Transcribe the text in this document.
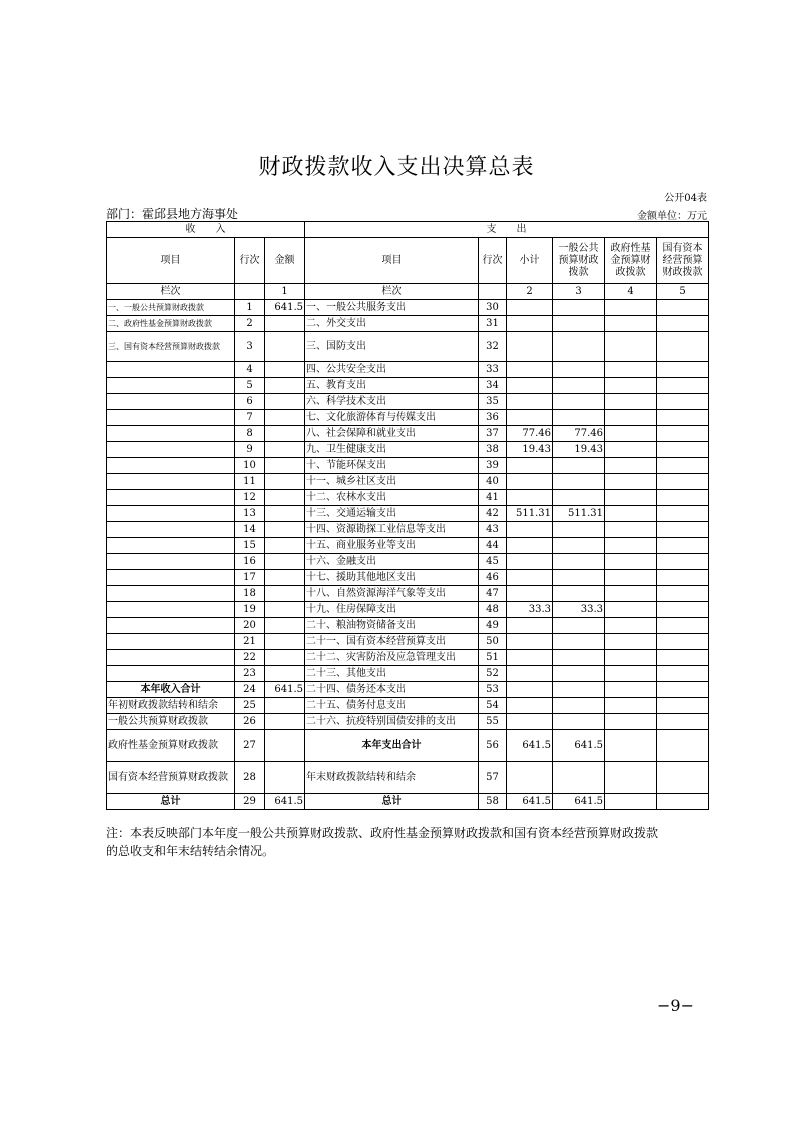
财政拨款收入支出决算总表
公开04表
部门：霍邱县地方海事处	金额单位：万元
收　　入			支　　出					
项目	行次	金额	项目	行次	小计	一般公共预算财政拨款	政府性基金预算财政拨款	国有资本经营预算财政拨款
栏次		1	栏次		2	3	4	5
一、一般公共预算财政拨款	1	641.5	一、一般公共服务支出	30				
二、政府性基金预算财政拨款	2		二、外交支出	31				
三、国有资本经营预算财政拨款	3		三、国防支出	32				
	4		四、公共安全支出	33				
	5		五、教育支出	34				
	6		六、科学技术支出	35				
	7		七、文化旅游体育与传媒支出	36				
	8		八、社会保障和就业支出	37	77.46	77.46		
	9		九、卫生健康支出	38	19.43	19.43		
	10		十、节能环保支出	39				
	11		十一、城乡社区支出	40				
	12		十二、农林水支出	41				
	13		十三、交通运输支出	42	511.31	511.31		
	14		十四、资源勘探工业信息等支出	43				
	15		十五、商业服务业等支出	44				
	16		十六、金融支出	45				
	17		十七、援助其他地区支出	46				
	18		十八、自然资源海洋气象等支出	47				
	19		十九、住房保障支出	48	33.3	33.3		
	20		二十、粮油物资储备支出	49				
	21		二十一、国有资本经营预算支出	50				
	22		二十二、灾害防治及应急管理支出	51				
	23		二十三、其他支出	52				
本年收入合计	24	641.5	二十四、债务还本支出	53				
年初财政拨款结转和结余	25		二十五、债务付息支出	54				
一般公共预算财政拨款	26		二十六、抗疫特别国债安排的支出	55				
政府性基金预算财政拨款	27		本年支出合计	56	641.5	641.5		
国有资本经营预算财政拨款	28		年末财政拨款结转和结余	57				
总计	29	641.5	总计	58	641.5	641.5		
注：本表反映部门本年度一般公共预算财政拨款、政府性基金预算财政拨款和国有资本经营预算财政拨款
的总收支和年末结转结余情况。
−9−
